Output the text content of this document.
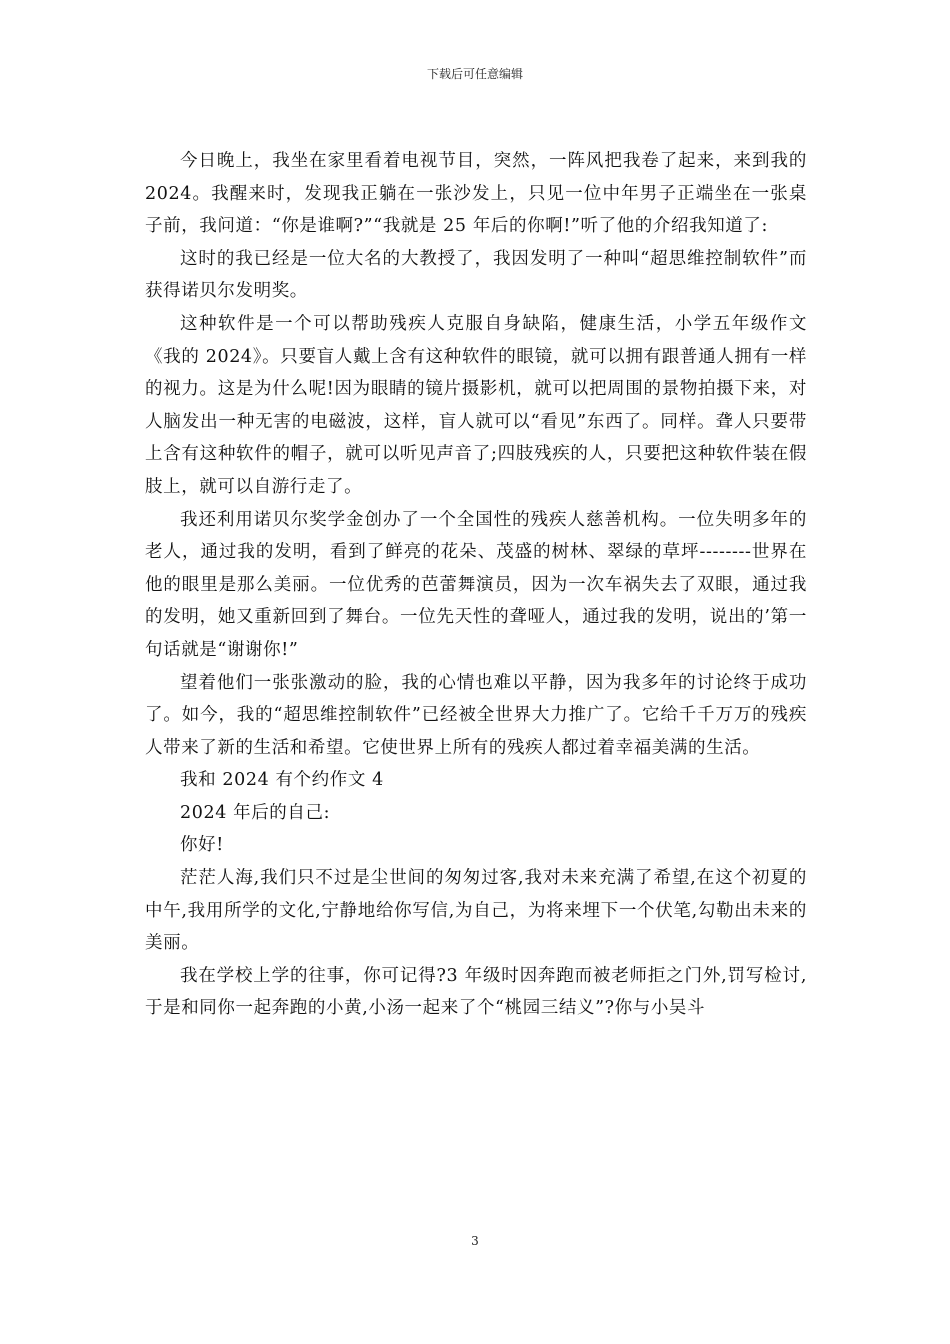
下载后可任意编辑

今日晚上，我坐在家里看着电视节目，突然，一阵风把我卷了起来，来到我的 2024。我醒来时，发现我正躺在一张沙发上，只见一位中年男子正端坐在一张桌子前，我问道：“你是谁啊?”“我就是 25 年后的你啊!”听了他的介绍我知道了:

这时的我已经是一位大名的大教授了，我因发明了一种叫“超思维控制软件”而获得诺贝尔发明奖。

这种软件是一个可以帮助残疾人克服自身缺陷，健康生活，小学五年级作文《我的 2024》。只要盲人戴上含有这种软件的眼镜，就可以拥有跟普通人拥有一样的视力。这是为什么呢!因为眼睛的镜片摄影机，就可以把周围的景物拍摄下来，对人脑发出一种无害的电磁波，这样，盲人就可以“看见”东西了。同样。聋人只要带上含有这种软件的帽子，就可以听见声音了;四肢残疾的人，只要把这种软件装在假肢上，就可以自游行走了。

我还利用诺贝尔奖学金创办了一个全国性的残疾人慈善机构。一位失明多年的老人，通过我的发明，看到了鲜亮的花朵、茂盛的树林、翠绿的草坪--------世界在他的眼里是那么美丽。一位优秀的芭蕾舞演员，因为一次车祸失去了双眼，通过我的发明，她又重新回到了舞台。一位先天性的聋哑人，通过我的发明，说出的’第一句话就是“谢谢你!”

望着他们一张张激动的脸，我的心情也难以平静，因为我多年的讨论终于成功了。如今，我的“超思维控制软件”已经被全世界大力推广了。它给千千万万的残疾人带来了新的生活和希望。它使世界上所有的残疾人都过着幸福美满的生活。

我和 2024 有个约作文 4

2024 年后的自己:

你好!

茫茫人海,我们只不过是尘世间的匆匆过客,我对未来充满了希望,在这个初夏的中午,我用所学的文化,宁静地给你写信,为自己，为将来埋下一个伏笔,勾勒出未来的美丽。

我在学校上学的往事，你可记得?3 年级时因奔跑而被老师拒之门外,罚写检讨,于是和同你一起奔跑的小黄,小汤一起来了个“桃园三结义”?你与小吴斗

3
